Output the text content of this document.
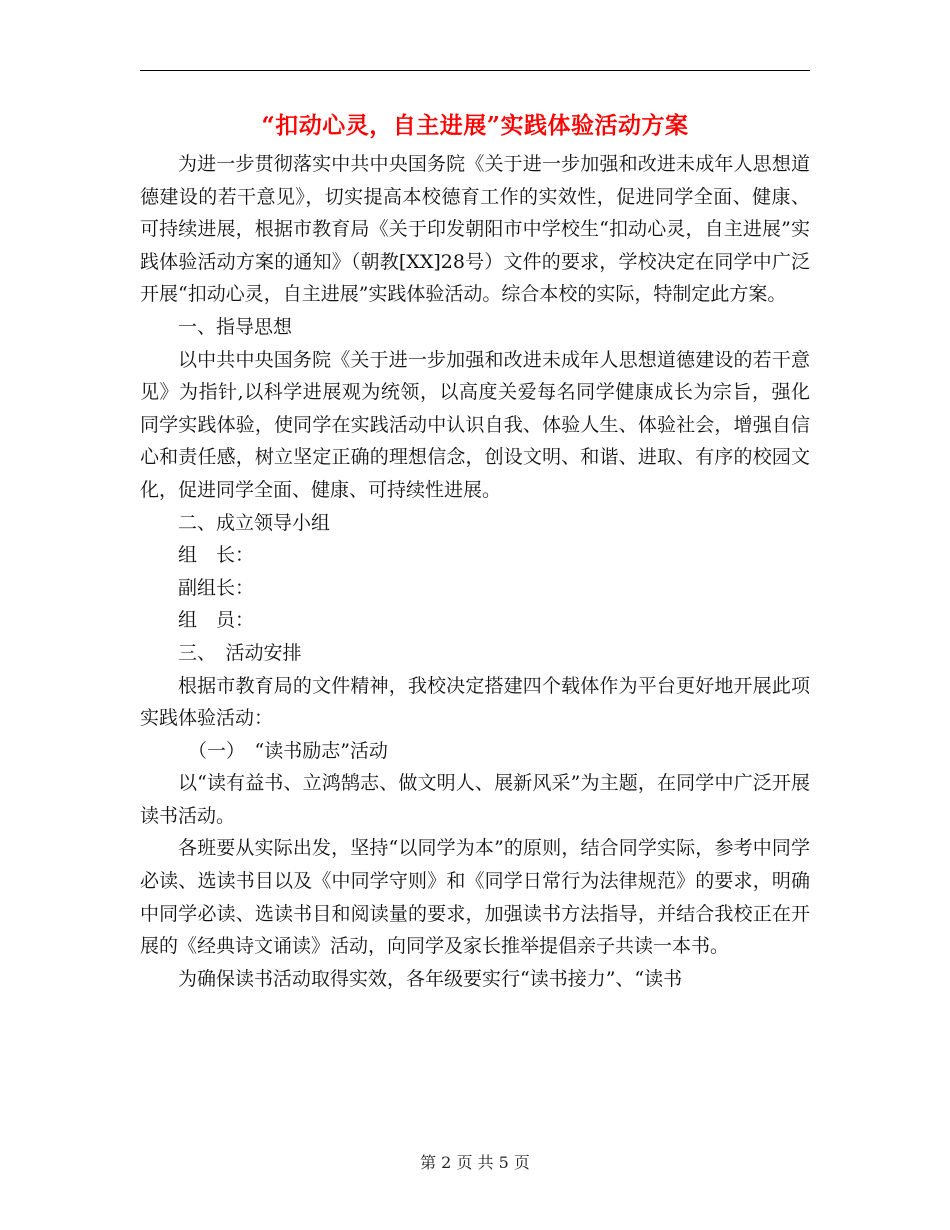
“扣动心灵，自主进展”实践体验活动方案

为进一步贯彻落实中共中央国务院《关于进一步加强和改进未成年人思想道德建设的若干意见》，切实提高本校德育工作的实效性，促进同学全面、健康、可持续进展，根据市教育局《关于印发朝阳市中学校生“扣动心灵，自主进展”实践体验活动方案的通知》（朝教[XX]28号）文件的要求，学校决定在同学中广泛开展“扣动心灵，自主进展”实践体验活动。综合本校的实际，特制定此方案。

一、指导思想

以中共中央国务院《关于进一步加强和改进未成年人思想道德建设的若干意见》为指针,以科学进展观为统领，以高度关爱每名同学健康成长为宗旨，强化同学实践体验，使同学在实践活动中认识自我、体验人生、体验社会，增强自信心和责任感，树立坚定正确的理想信念，创设文明、和谐、进取、有序的校园文化，促进同学全面、健康、可持续性进展。

二、成立领导小组

组　长：

副组长：

组　员：

三、　活动安排

根据市教育局的文件精神，我校决定搭建四个载体作为平台更好地开展此项实践体验活动：

（一）　“读书励志”活动

以“读有益书、立鸿鹄志、做文明人、展新风采”为主题，在同学中广泛开展读书活动。

各班要从实际出发，坚持“以同学为本”的原则，结合同学实际，参考中同学必读、选读书目以及《中同学守则》和《同学日常行为法律规范》的要求，明确中同学必读、选读书目和阅读量的要求，加强读书方法指导，并结合我校正在开展的《经典诗文诵读》活动，向同学及家长推举提倡亲子共读一本书。

为确保读书活动取得实效，各年级要实行“读书接力”、“读书

第 2 页 共 5 页
